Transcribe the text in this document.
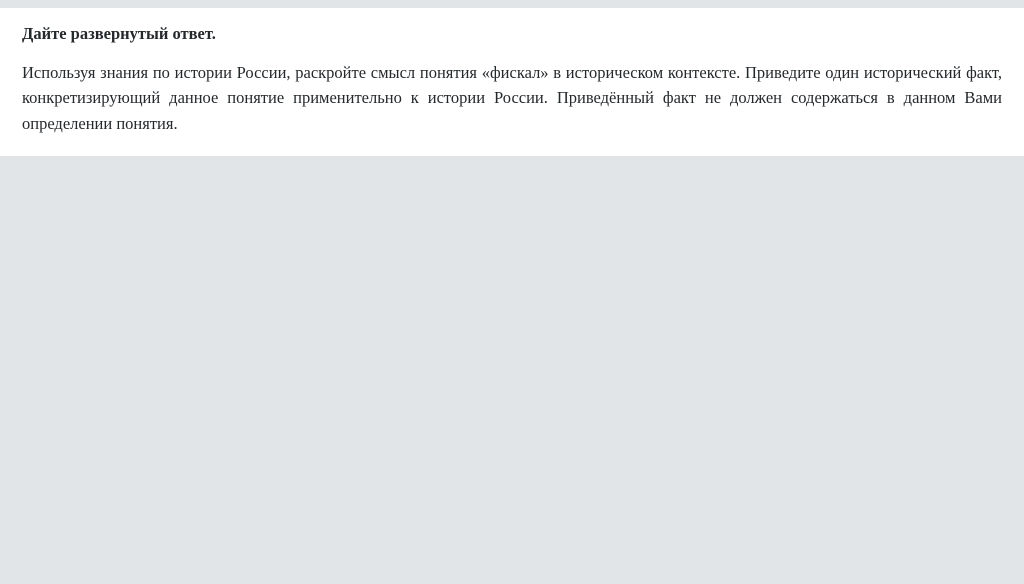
Дайте развернутый ответ.

Используя знания по истории России, раскройте смысл понятия «фискал» в историческом контексте. Приведите один исторический факт, конкретизирующий данное понятие применительно к истории России. Приведённый факт не должен содержаться в данном Вами определении понятия.
